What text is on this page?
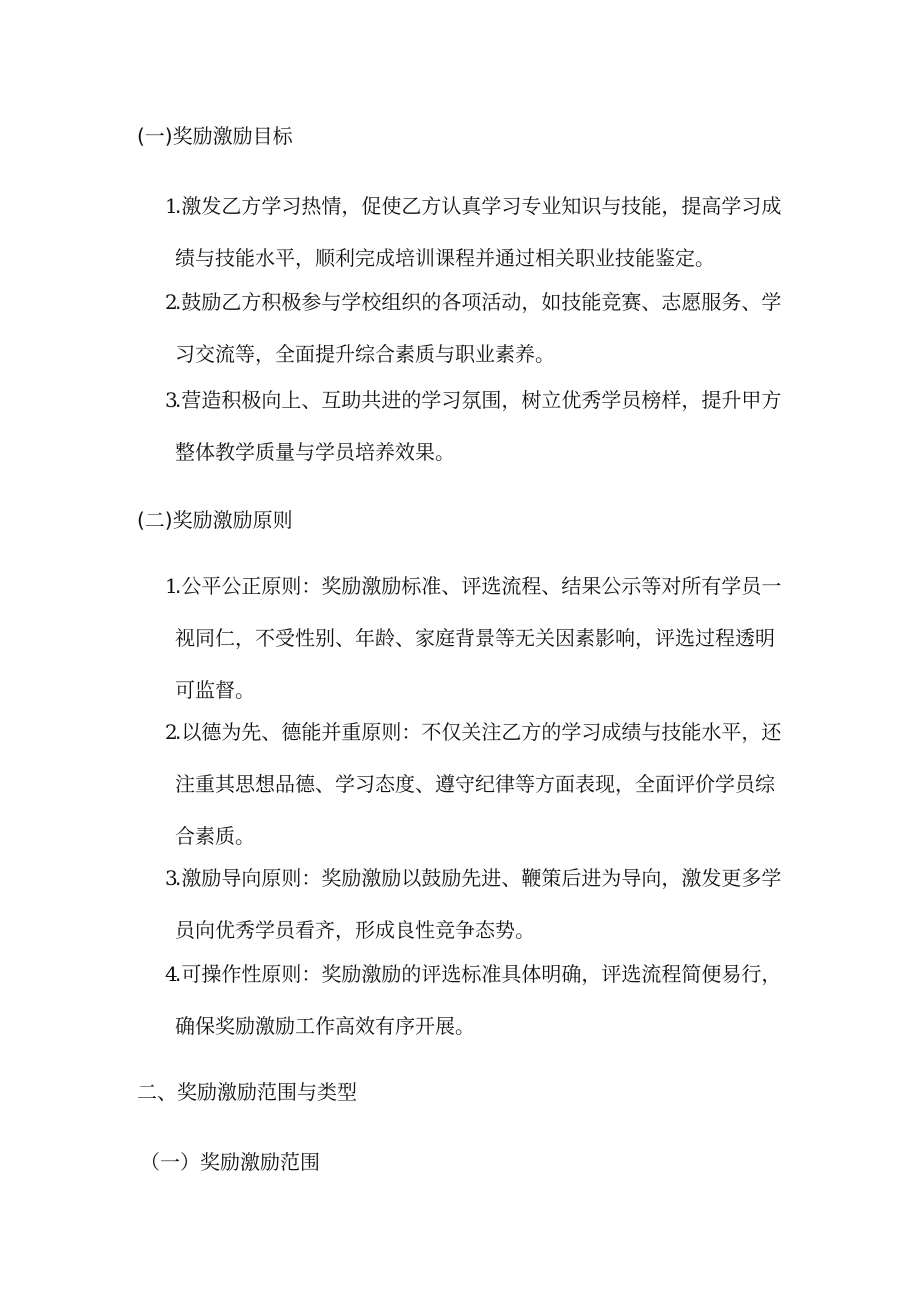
(一)奖励激励目标
1
.激发乙方学习热情，促使乙方认真学习专业知识与技能，提高学习成绩与技能水平，顺利完成培训课程并通过相关职业技能鉴定。
2
.鼓励乙方积极参与学校组织的各项活动，如技能竞赛、志愿服务、学习交流等，全面提升综合素质与职业素养。
3
.营造积极向上、互助共进的学习氛围，树立优秀学员榜样，提升甲方整体教学质量与学员培养效果。
(二)奖励激励原则
1
.公平公正原则：奖励激励标准、评选流程、结果公示等对所有学员一视同仁，不受性别、年龄、家庭背景等无关因素影响，评选过程透明可监督。
2
.以德为先、德能并重原则：不仅关注乙方的学习成绩与技能水平，还注重其思想品德、学习态度、遵守纪律等方面表现，全面评价学员综合素质。
3
.激励导向原则：奖励激励以鼓励先进、鞭策后进为导向，激发更多学员向优秀学员看齐，形成良性竞争态势。
4
.可操作性原则：奖励激励的评选标准具体明确，评选流程简便易行，确保奖励激励工作高效有序开展。
二、奖励激励范围与类型
（一）奖励激励范围
